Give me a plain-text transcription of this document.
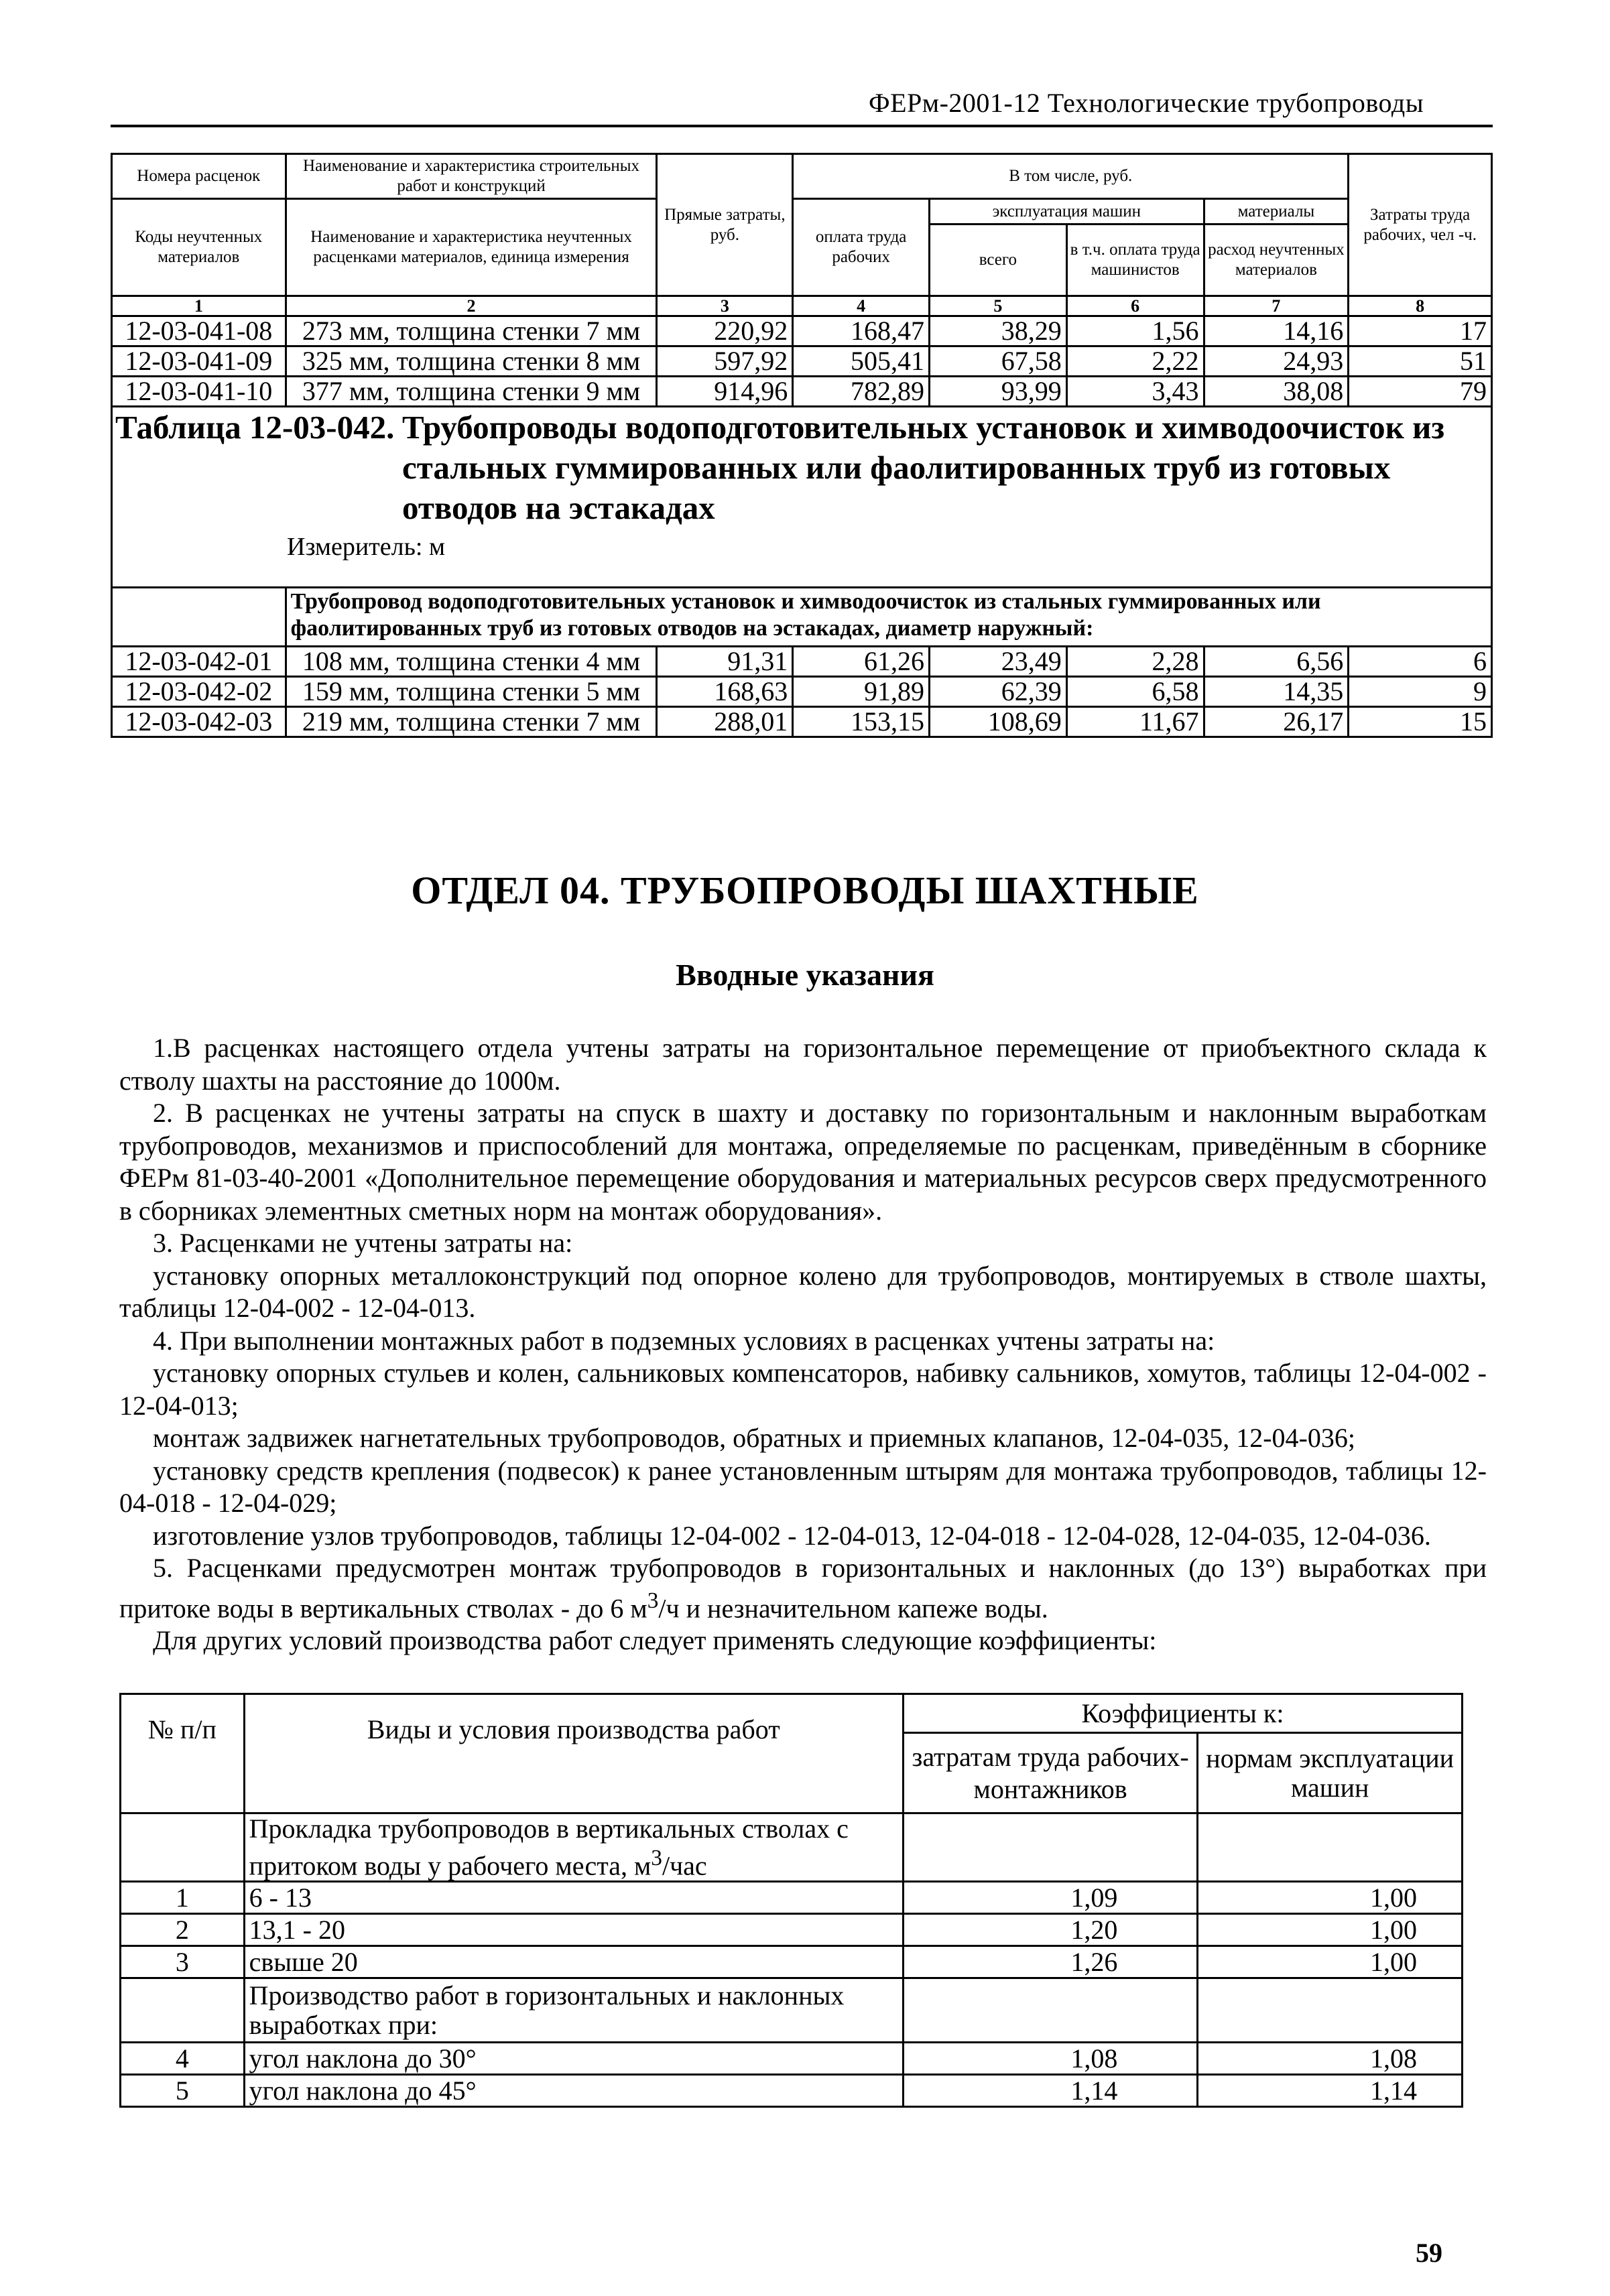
ФЕРм-2001-12 Технологические трубопроводы
Номера расценок	Наименование и характеристика строительных работ и конструкций	Прямые затраты, руб.	В том числе, руб.				Затраты труда рабочих, чел -ч.
Коды неучтенных материалов	Наименование и характеристика неучтенных расценками материалов, единица измерения		оплата труда рабочих	эксплуатация машин		материалы	
				всего	в т.ч. оплата труда машинистов	расход неучтенных материалов	
1	2	3	4	5	6	7	8
12-03-041-08	273 мм, толщина стенки 7 мм	220,92	168,47	38,29	1,56	14,16	17
12-03-041-09	325 мм, толщина стенки 8 мм	597,92	505,41	67,58	2,22	24,93	51
12-03-041-10	377 мм, толщина стенки 9 мм	914,96	782,89	93,99	3,43	38,08	79

Таблица 12-03-042. Трубопроводы водоподготовительных установок и химводоочисток из стальных гуммированных или фаолитированных труб из готовых отводов на эстакадах
Измеритель: м							

	Трубопровод водоподготовительных установок и химводоочисток из стальных гуммированных или фаолитированных труб из готовых отводов на эстакадах, диаметр наружный:						
12-03-042-01	108 мм, толщина стенки 4 мм	91,31	61,26	23,49	2,28	6,56	6
12-03-042-02	159 мм, толщина стенки 5 мм	168,63	91,89	62,39	6,58	14,35	9
12-03-042-03	219 мм, толщина стенки 7 мм	288,01	153,15	108,69	11,67	26,17	15
ОТДЕЛ 04. ТРУБОПРОВОДЫ ШАХТНЫЕ
Вводные указания

1.В расценках настоящего отдела учтены затраты на горизонтальное перемещение от приобъектного склада к стволу шахты на расстояние до 1000м.

2. В расценках не учтены затраты на спуск в шахту и доставку по горизонтальным и наклонным выработкам трубопроводов, механизмов и приспособлений для монтажа, определяемые по расценкам, приведённым в сборнике ФЕРм 81-03-40-2001 «Дополнительное перемещение оборудования и материальных ресурсов сверх предусмотренного в сборниках элементных сметных норм на монтаж оборудования».

3. Расценками не учтены затраты на:

установку опорных металлоконструкций под опорное колено для трубопроводов, монтируемых в стволе шахты, таблицы 12-04-002 - 12-04-013.

4. При выполнении монтажных работ в подземных условиях в расценках учтены затраты на:

установку опорных стульев и колен, сальниковых компенсаторов, набивку сальников, хомутов, таблицы 12-04-002 - 12-04-013;

монтаж задвижек нагнетательных трубопроводов, обратных и приемных клапанов, 12-04-035, 12-04-036;

установку средств крепления (подвесок) к ранее установленным штырям для монтажа трубопроводов, таблицы 12-04-018 - 12-04-029;

изготовление узлов трубопроводов, таблицы 12-04-002 - 12-04-013, 12-04-018 - 12-04-028, 12-04-035, 12-04-036.

5. Расценками предусмотрен монтаж трубопроводов в горизонтальных и наклонных (до 13°) выработках при притоке воды в вертикальных стволах - до 6 $м^3/ч$ и незначительном капеже воды.

Для других условий производства работ следует применять следующие коэффициенты:

№ п/п	Виды и условия производства работ	Коэффициенты к:	
		затратам труда рабочих-монтажников	нормам эксплуатации машин
	Прокладка трубопроводов в вертикальных стволах с притоком воды у рабочего места, $м^3$/час		
1	6 - 13	1,09	1,00
2	13,1 - 20	1,20	1,00
3	свыше 20	1,26	1,00
	Производство работ в горизонтальных и наклонных выработках при:		
4	угол наклона до 30°	1,08	1,08
5	угол наклона до 45°	1,14	1,14
59
